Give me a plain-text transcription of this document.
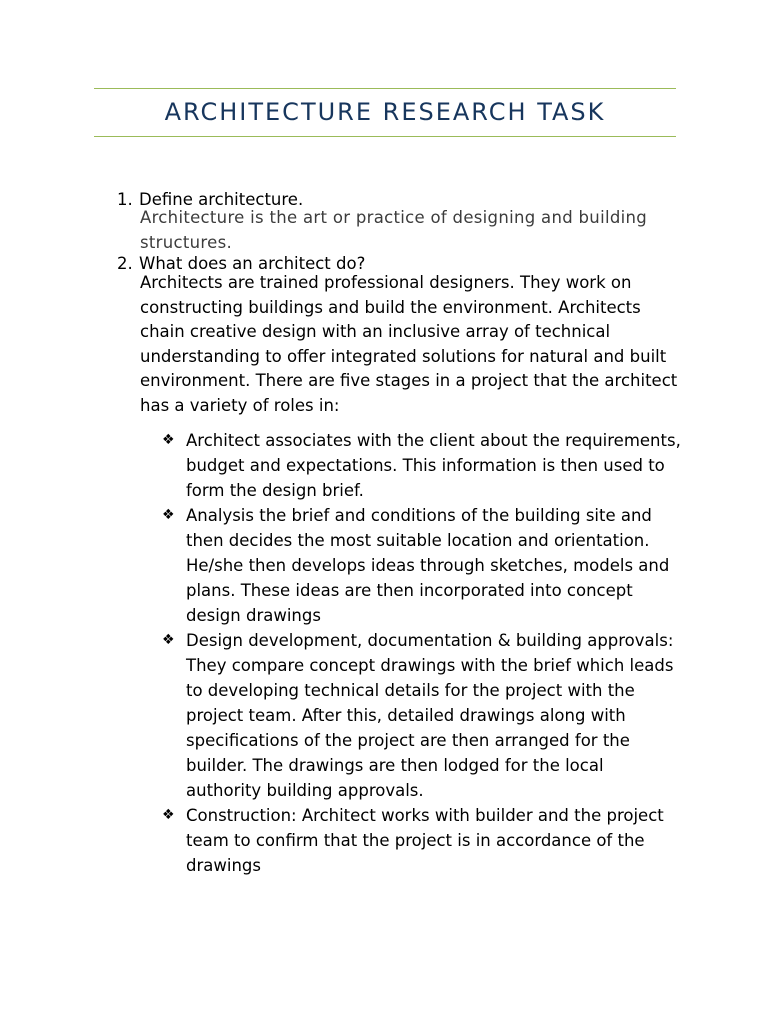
ARCHITECTURE RESEARCH TASK
1. Define architecture.
Architecture is the art or practice of designing and building structures.
2. What does an architect do?
Architects are trained professional designers. They work on constructing buildings and build the environment. Architects chain creative design with an inclusive array of technical understanding to offer integrated solutions for natural and built environment. There are five stages in a project that the architect has a variety of roles in:
❖ Architect associates with the client about the requirements, budget and expectations. This information is then used to form the design brief.
❖ Analysis the brief and conditions of the building site and then decides the most suitable location and orientation. He/she then develops ideas through sketches, models and plans. These ideas are then incorporated into concept design drawings
❖ Design development, documentation & building approvals: They compare concept drawings with the brief which leads to developing technical details for the project with the project team. After this, detailed drawings along with specifications of the project are then arranged for the builder. The drawings are then lodged for the local authority building approvals.
❖ Construction: Architect works with builder and the project team to confirm that the project is in accordance of the drawings
